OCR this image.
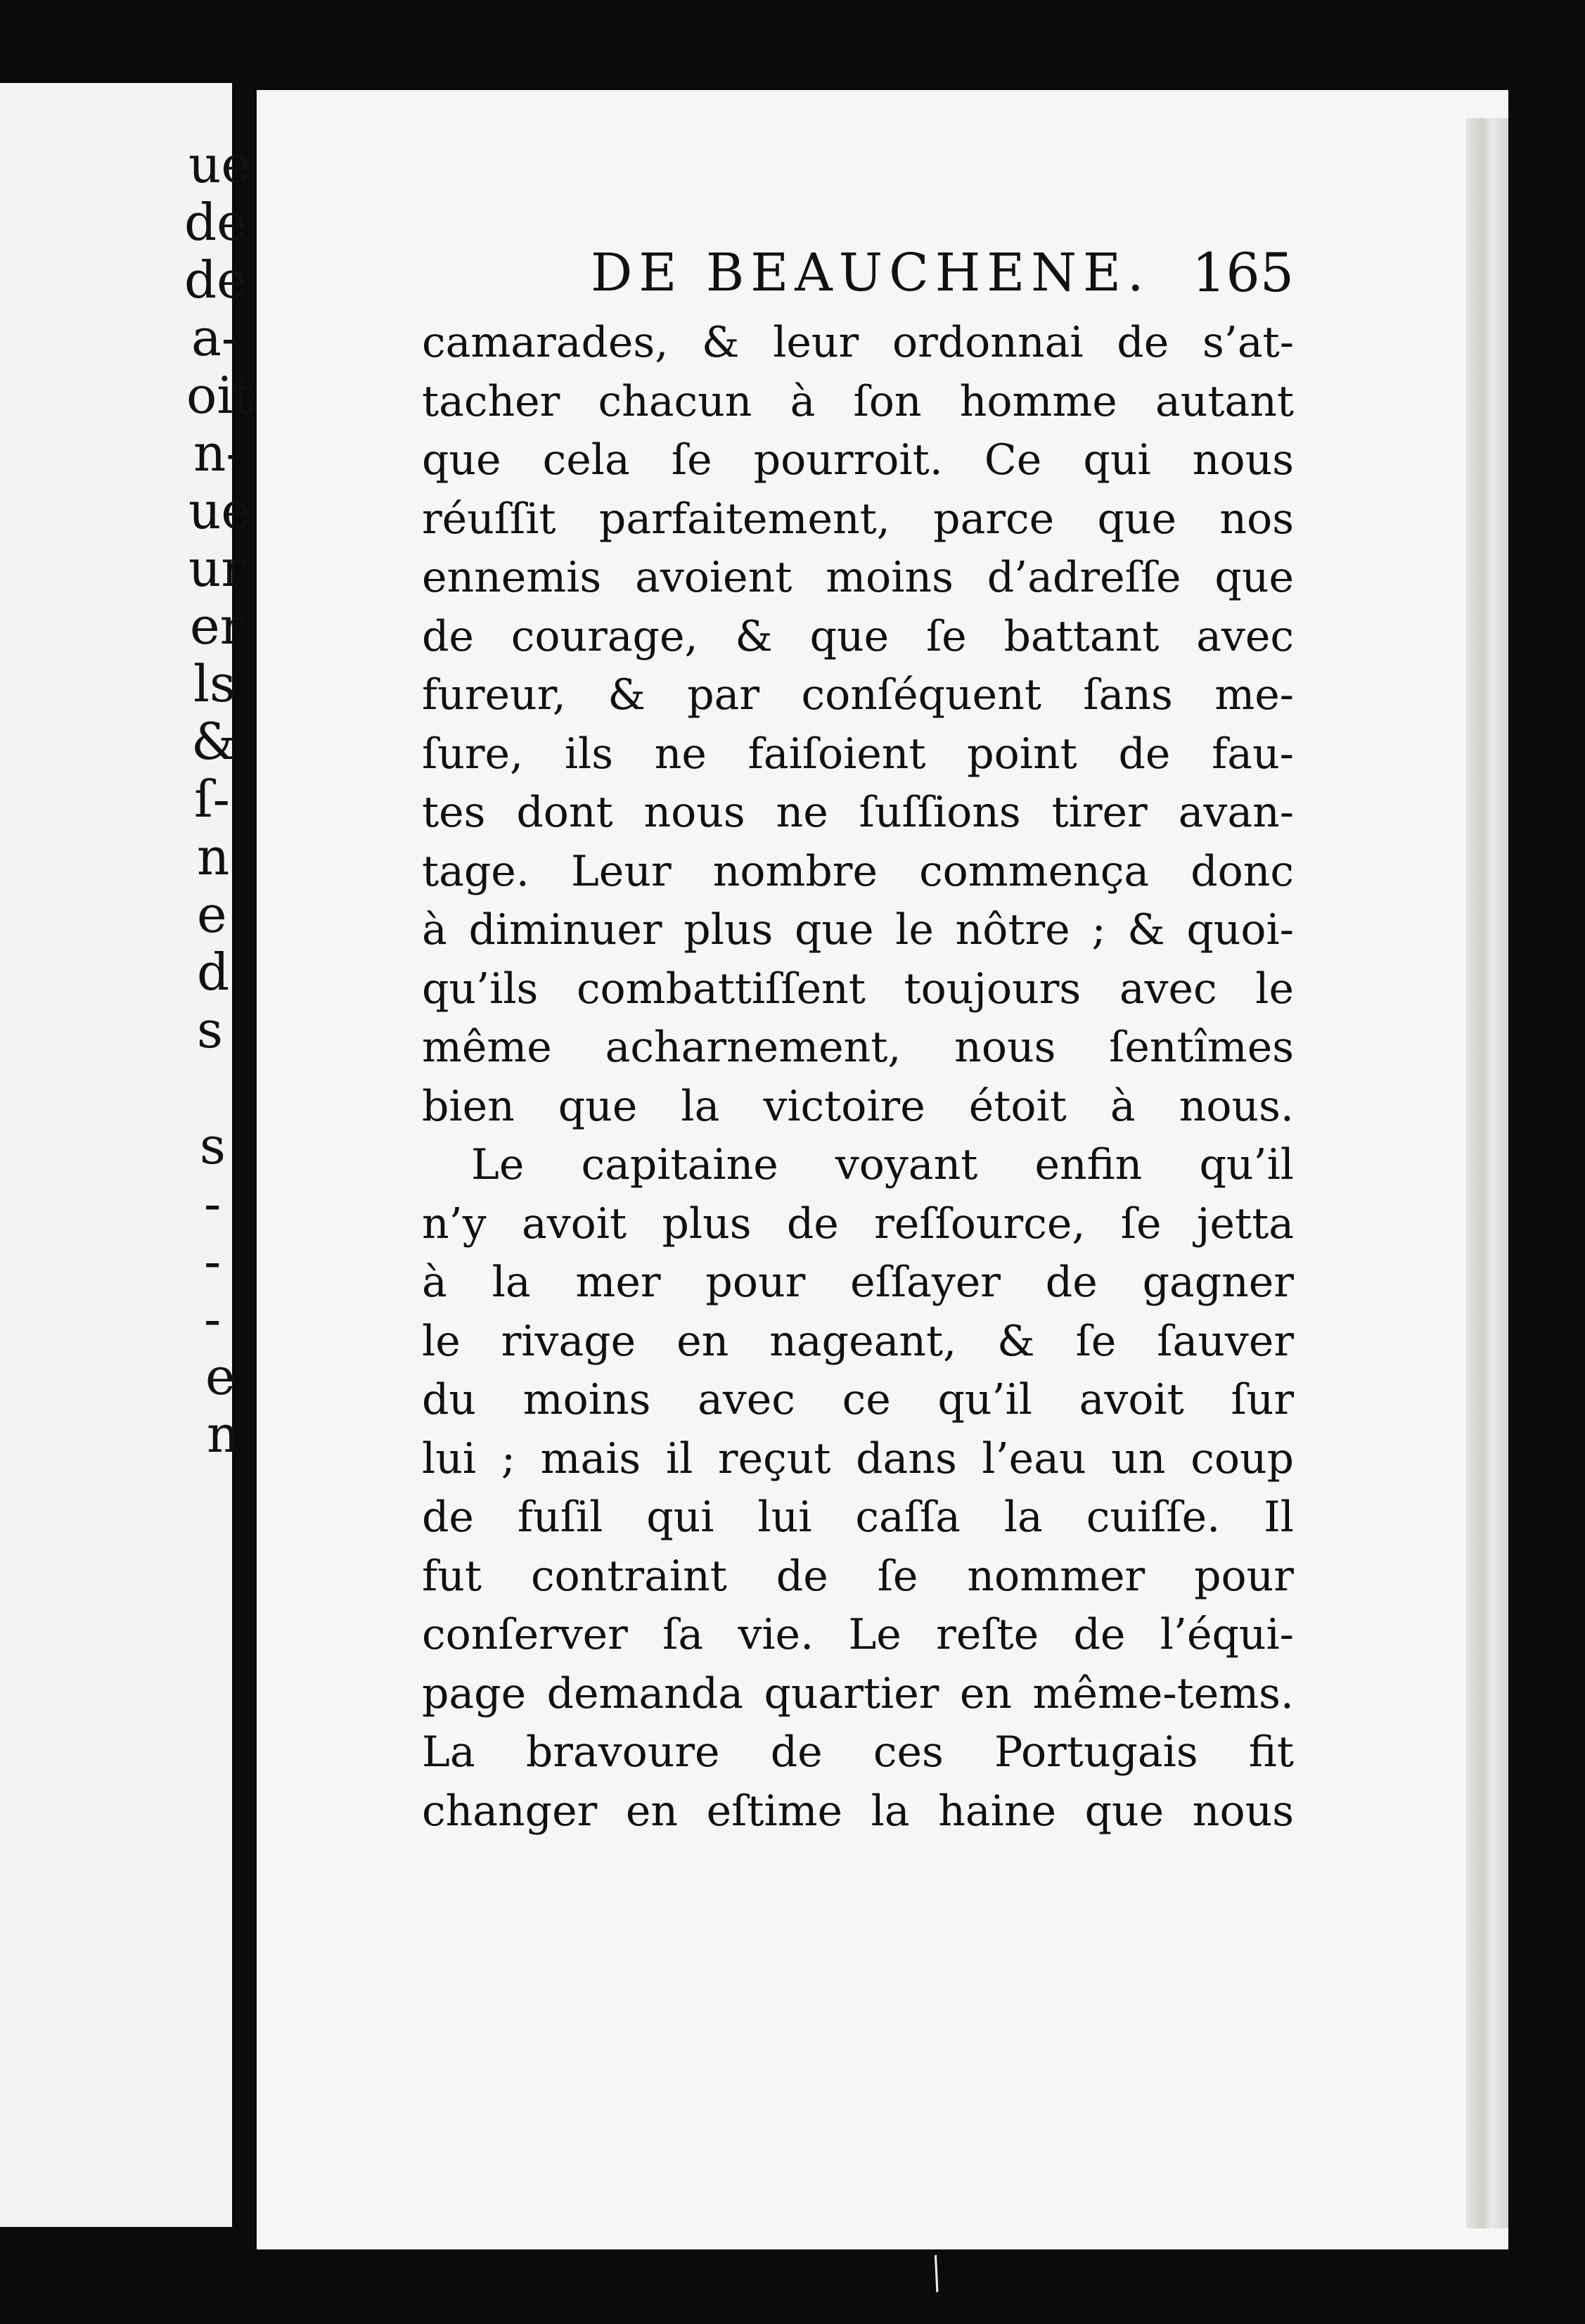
ue
de
de
a-
oit
n-
ue
ur
er
ls
&
ſ-
n
e
d
s
s
-
-
-
e
n
DE BEAUCHENE. 165
camarades, & leur ordonnai de s’at-
tacher chacun à ſon homme autant
que cela ſe pourroit. Ce qui nous
réuſſit parfaitement, parce que nos
ennemis avoient moins d’adreſſe que
de courage, & que ſe battant avec
fureur, & par conſéquent ſans me-
ſure, ils ne faiſoient point de fau-
tes dont nous ne ſuſſions tirer avan-
tage. Leur nombre commença donc
à diminuer plus que le nôtre ; & quoi-
qu’ils combattiſſent toujours avec le
même acharnement, nous ſentîmes
bien que la victoire étoit à nous.
Le capitaine voyant enfin qu’il
n’y avoit plus de reſſource, ſe jetta
à la mer pour eſſayer de gagner
le rivage en nageant, & ſe ſauver
du moins avec ce qu’il avoit ſur
lui ; mais il reçut dans l’eau un coup
de fuſil qui lui caſſa la cuiſſe. Il
fut contraint de ſe nommer pour
conſerver ſa vie. Le reſte de l’équi-
page demanda quartier en même-tems.
La bravoure de ces Portugais fit
changer en eſtime la haine que nous
╱
